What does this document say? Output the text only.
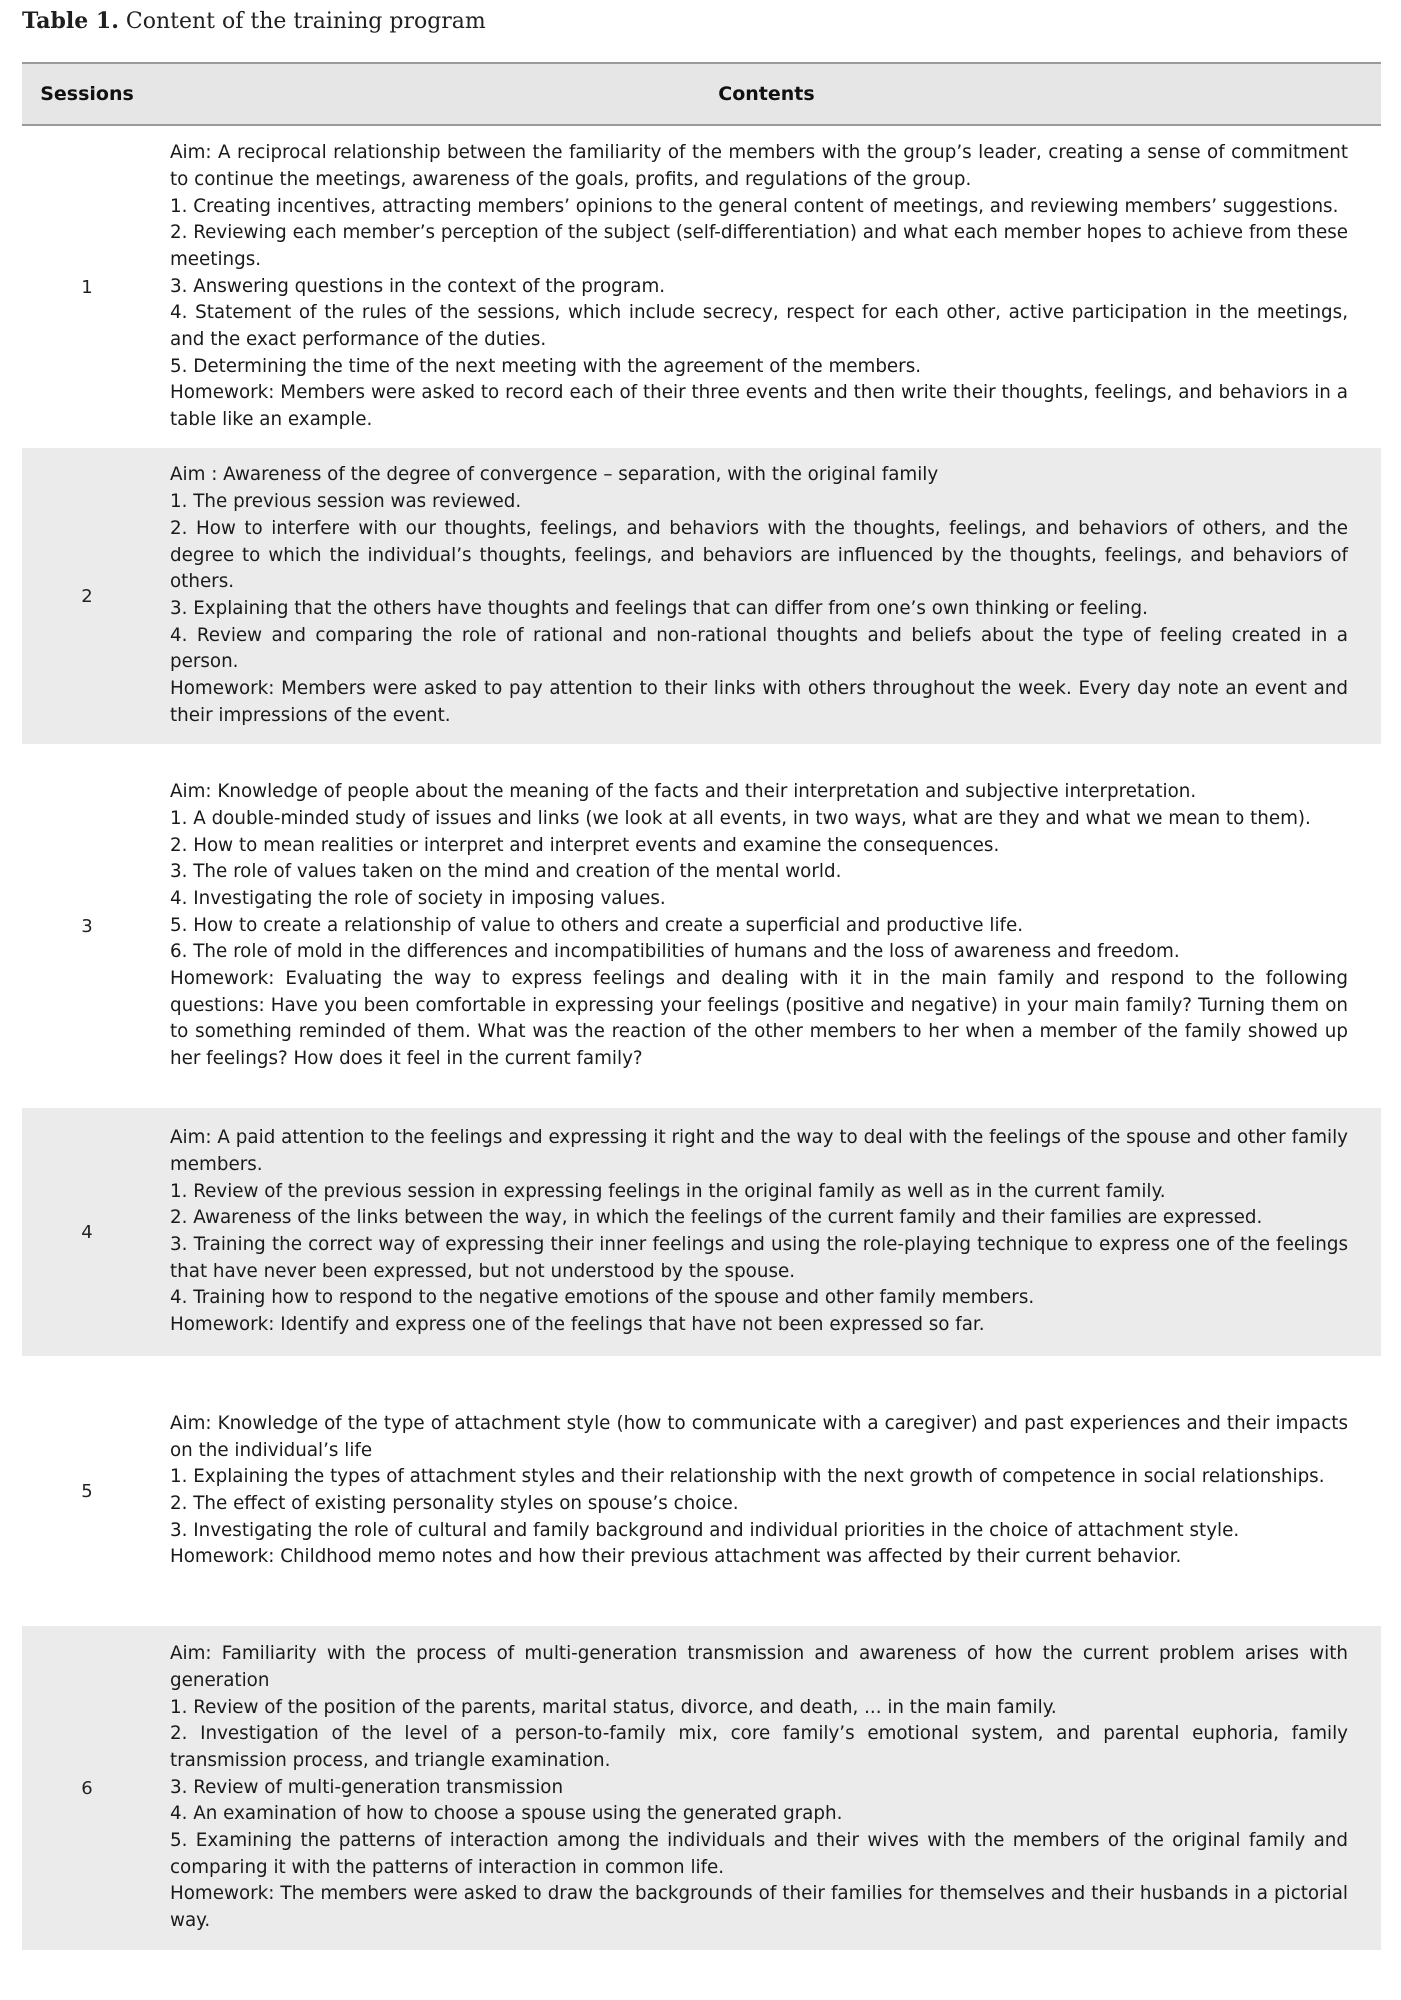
Table 1. Content of the training program
Sessions	Contents
1
Aim: A reciprocal relationship between the familiarity of the members with the group’s leader, creating a sense of commitment to continue the meetings, awareness of the goals, profits, and regulations of the group.
1. Creating incentives, attracting members’ opinions to the general content of meetings, and reviewing members’ suggestions.
2. Reviewing each member’s perception of the subject (self-differentiation) and what each member hopes to achieve from these meetings.
3. Answering questions in the context of the program.
4. Statement of the rules of the sessions, which include secrecy, respect for each other, active participation in the meetings, and the exact performance of the duties.
5. Determining the time of the next meeting with the agreement of the members.
Homework: Members were asked to record each of their three events and then write their thoughts, feelings, and behaviors in a table like an example.
2
Aim : Awareness of the degree of convergence – separation, with the original family
1. The previous session was reviewed.
2. How to interfere with our thoughts, feelings, and behaviors with the thoughts, feelings, and behaviors of others, and the degree to which the individual’s thoughts, feelings, and behaviors are influenced by the thoughts, feelings, and behaviors of others.
3. Explaining that the others have thoughts and feelings that can differ from one’s own thinking or feeling.
4. Review and comparing the role of rational and non-rational thoughts and beliefs about the type of feeling created in a person.
Homework: Members were asked to pay attention to their links with others throughout the week. Every day note an event and their impressions of the event.
3
Aim: Knowledge of people about the meaning of the facts and their interpretation and subjective interpretation.
1. A double-minded study of issues and links (we look at all events, in two ways, what are they and what we mean to them).
2. How to mean realities or interpret and interpret events and examine the consequences.
3. The role of values taken on the mind and creation of the mental world.
4. Investigating the role of society in imposing values.
5. How to create a relationship of value to others and create a superficial and productive life.
6. The role of mold in the differences and incompatibilities of humans and the loss of awareness and freedom.
Homework: Evaluating the way to express feelings and dealing with it in the main family and respond to the following questions: Have you been comfortable in expressing your feelings (positive and negative) in your main family? Turning them on to something reminded of them. What was the reaction of the other members to her when a member of the family showed up her feelings? How does it feel in the current family?
4
Aim: A paid attention to the feelings and expressing it right and the way to deal with the feelings of the spouse and other family members.
1. Review of the previous session in expressing feelings in the original family as well as in the current family.
2. Awareness of the links between the way, in which the feelings of the current family and their families are expressed.
3. Training the correct way of expressing their inner feelings and using the role-playing technique to express one of the feelings that have never been expressed, but not understood by the spouse.
4. Training how to respond to the negative emotions of the spouse and other family members.
Homework: Identify and express one of the feelings that have not been expressed so far.
5
Aim: Knowledge of the type of attachment style (how to communicate with a caregiver) and past experiences and their impacts on the individual’s life
1. Explaining the types of attachment styles and their relationship with the next growth of competence in social relationships.
2. The effect of existing personality styles on spouse’s choice.
3. Investigating the role of cultural and family background and individual priorities in the choice of attachment style.
Homework: Childhood memo notes and how their previous attachment was affected by their current behavior.
6
Aim: Familiarity with the process of multi-generation transmission and awareness of how the current problem arises with generation
1. Review of the position of the parents, marital status, divorce, and death, ... in the main family.
2. Investigation of the level of a person-to-family mix, core family’s emotional system, and parental euphoria, family transmission process, and triangle examination.
3. Review of multi-generation transmission
4. An examination of how to choose a spouse using the generated graph.
5. Examining the patterns of interaction among the individuals and their wives with the members of the original family and comparing it with the patterns of interaction in common life.
Homework: The members were asked to draw the backgrounds of their families for themselves and their husbands in a pictorial way.
